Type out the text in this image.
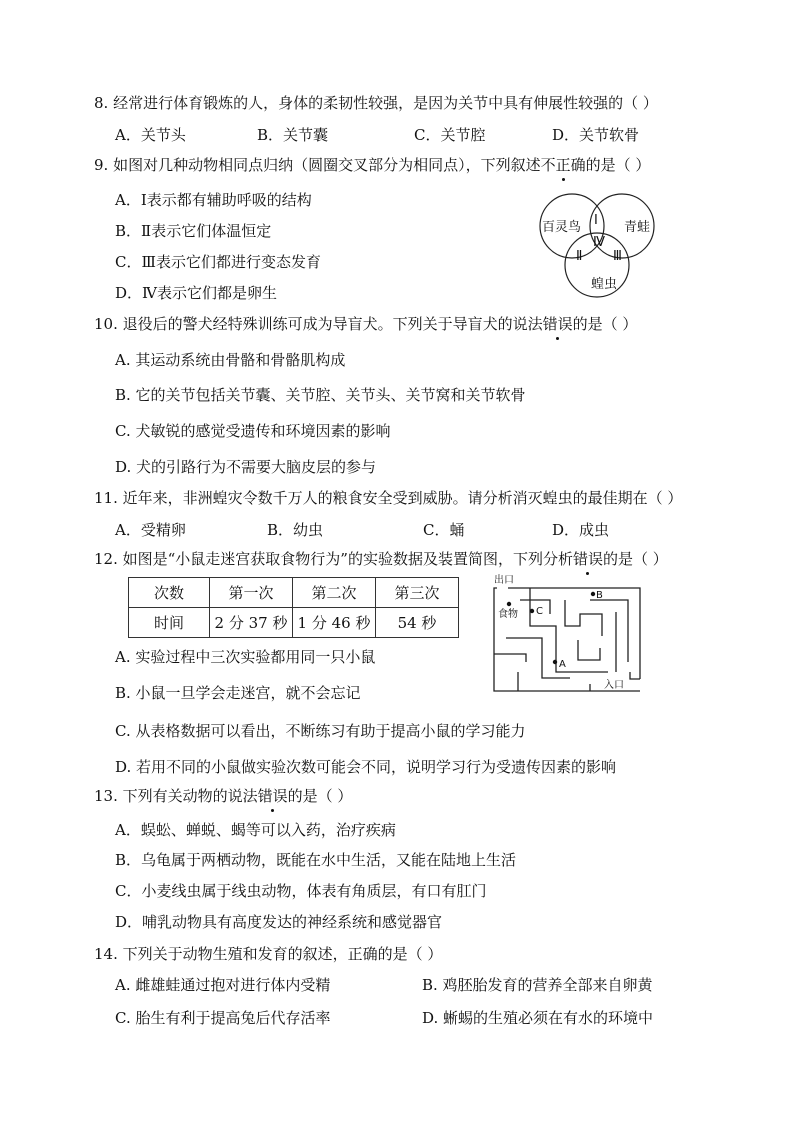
8. 经常进行体育锻炼的人，身体的柔韧性较强，是因为关节中具有伸展性较强的（ ）
A．关节头	B．关节囊	C．关节腔	D．关节软骨
9. 如图对几种动物相同点归纳（圆圈交叉部分为相同点），下列叙述不正确的是（ ）
A．Ⅰ表示都有辅助呼吸的结构
B．Ⅱ表示它们体温恒定
C．Ⅲ表示它们都进行变态发育
D．Ⅳ表示它们都是卵生
百灵鸟	青蛙
蝗虫
Ⅰ
Ⅱ Ⅲ
Ⅳ
10. 退役后的警犬经特殊训练可成为导盲犬。下列关于导盲犬的说法错误的是（ ）
A. 其运动系统由骨骼和骨骼肌构成
B. 它的关节包括关节囊、关节腔、关节头、关节窝和关节软骨
C. 犬敏锐的感觉受遗传和环境因素的影响
D. 犬的引路行为不需要大脑皮层的参与
11. 近年来，非洲蝗灾令数千万人的粮食安全受到威胁。请分析消灭蝗虫的最佳期在（ ）
A．受精卵	B．幼虫	C．蛹	D．成虫
12. 如图是“小鼠走迷宫获取食物行为”的实验数据及装置简图，下列分析错误的是（ ）
次数	第一次	第二次	第三次
时间	2 分 37 秒	1 分 46 秒	54 秒
出口
食物 C
B
A
入口
A. 实验过程中三次实验都用同一只小鼠
B. 小鼠一旦学会走迷宫，就不会忘记
C. 从表格数据可以看出，不断练习有助于提高小鼠的学习能力
D. 若用不同的小鼠做实验次数可能会不同，说明学习行为受遗传因素的影响
13. 下列有关动物的说法错误的是（ ）
A．蜈蚣、蝉蜕、蝎等可以入药，治疗疾病
B．乌龟属于两栖动物，既能在水中生活，又能在陆地上生活
C．小麦线虫属于线虫动物，体表有角质层，有口有肛门
D．哺乳动物具有高度发达的神经系统和感觉器官
14. 下列关于动物生殖和发育的叙述，正确的是（ ）
A. 雌雄蛙通过抱对进行体内受精	B. 鸡胚胎发育的营养全部来自卵黄
C. 胎生有利于提高兔后代存活率	D. 蜥蜴的生殖必须在有水的环境中
